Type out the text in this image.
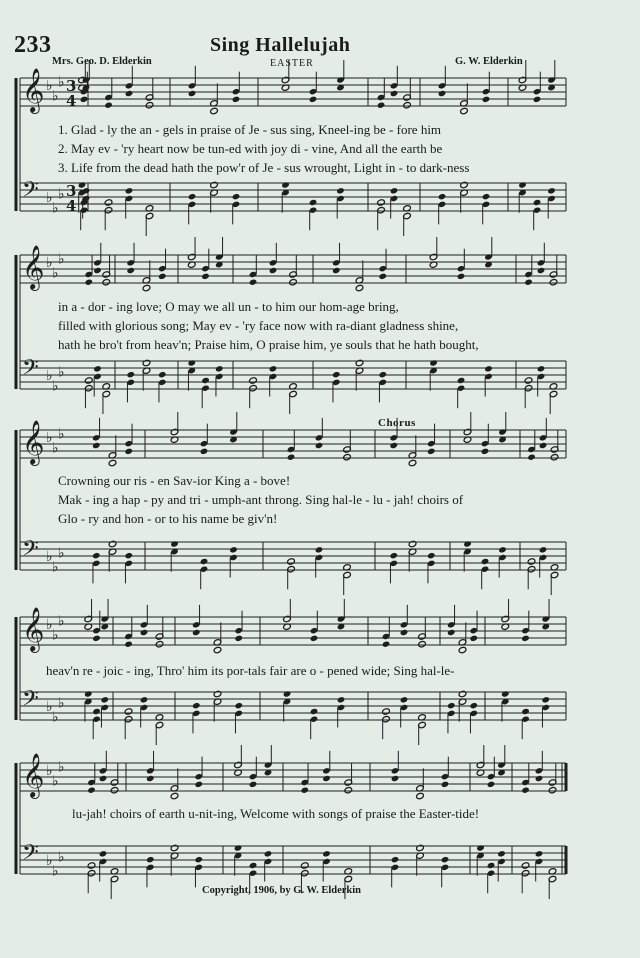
233	Sing Hallelujah
Mrs. Geo. D. Elderkin	EASTER	G. W. Elderkin
𝄞 ♭
♭
♭ 3
4
𝄢 ♭
♭
♭ 3
4
𝄞 ♭
♭
♭
𝄢 ♭
♭
♭
𝄞 ♭
♭
♭
𝄢 ♭
♭
♭
𝄞 ♭
♭
♭
𝄢 ♭
♭
♭
𝄞 ♭
♭
♭
𝄢 ♭
♭
♭
1. Glad - ly the an - gels in praise of Je - sus sing, Kneel-ing be - fore him
2. May ev - 'ry heart now be tun-ed with joy di - vine, And all the earth be
3. Life from the dead hath the pow'r of Je - sus wrought, Light in - to dark-ness
in a - dor - ing love; O may we all un - to him our hom-age bring,
filled with glorious song; May ev - 'ry face now with ra-diant gladness shine,
hath he bro't from heav'n; Praise him, O praise him, ye souls that he hath bought,
Chorus
Crowning our ris - en Sav-ior King a - bove!
Mak - ing a hap - py and tri - umph-ant throng. Sing hal-le - lu - jah! choirs of
Glo - ry and hon - or to his name be giv'n!
heav'n re - joic - ing, Thro' him its por-tals fair are o - pened wide; Sing hal-le-
lu-jah! choirs of earth u-nit-ing, Welcome with songs of praise the Easter-tide!
Copyright, 1906, by G. W. Elderkin
